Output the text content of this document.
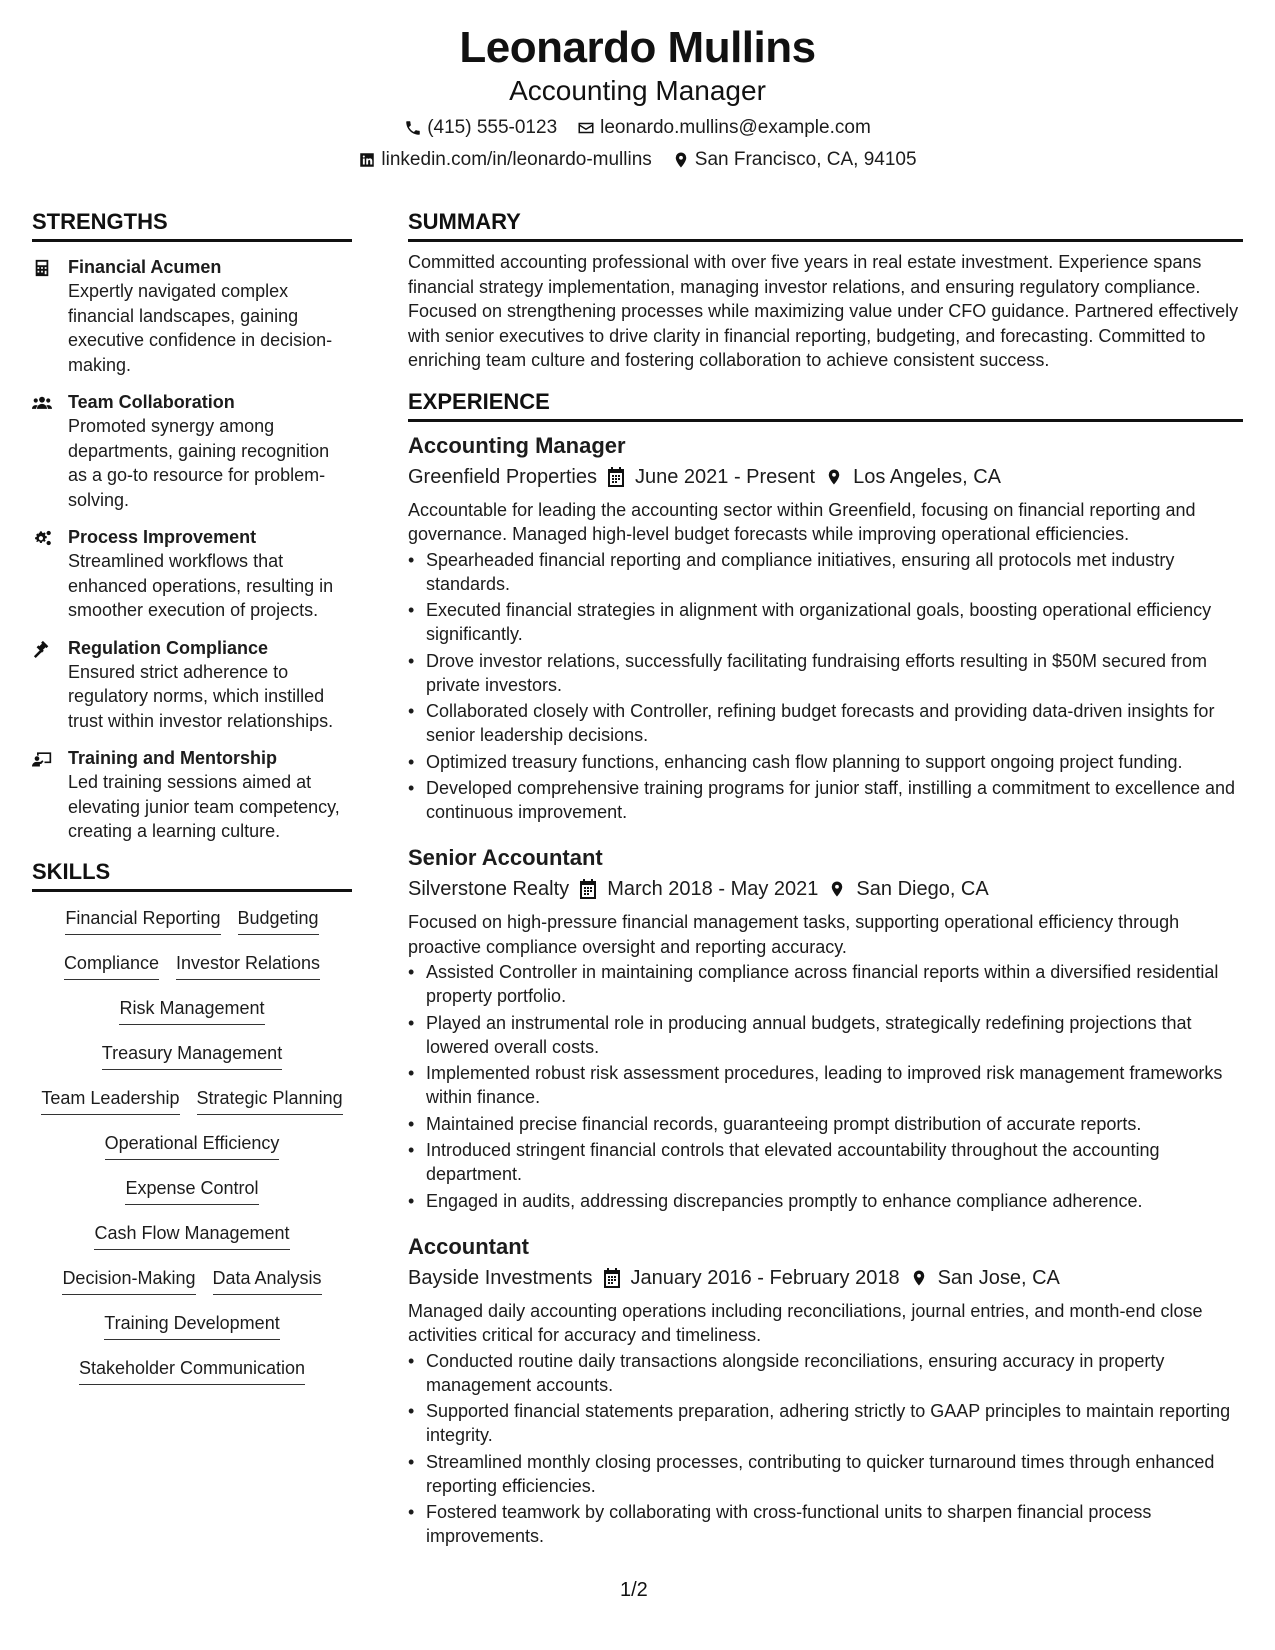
Leonardo Mullins
Accounting Manager
(415) 555-0123 leonardo.mullins@example.com
linkedin.com/in/leonardo-mullins San Francisco, CA, 94105
STRENGTHS
Financial Acumen
Expertly navigated complex financial landscapes, gaining executive confidence in decision-making.
Team Collaboration
Promoted synergy among departments, gaining recognition as a go-to resource for problem-solving.
Process Improvement
Streamlined workflows that enhanced operations, resulting in smoother execution of projects.
Regulation Compliance
Ensured strict adherence to regulatory norms, which instilled trust within investor relationships.
Training and Mentorship
Led training sessions aimed at elevating junior team competency, creating a learning culture.
SKILLS
Financial Reporting Budgeting
Compliance Investor Relations
Risk Management
Treasury Management
Team Leadership Strategic Planning
Operational Efficiency
Expense Control
Cash Flow Management
Decision-Making Data Analysis
Training Development
Stakeholder Communication
SUMMARY
Committed accounting professional with over five years in real estate investment. Experience spans financial strategy implementation, managing investor relations, and ensuring regulatory compliance. Focused on strengthening processes while maximizing value under CFO guidance. Partnered effectively with senior executives to drive clarity in financial reporting, budgeting, and forecasting. Committed to enriching team culture and fostering collaboration to achieve consistent success.
EXPERIENCE
Accounting Manager
Greenfield Properties June 2021 - Present Los Angeles, CA
Accountable for leading the accounting sector within Greenfield, focusing on financial reporting and governance. Managed high-level budget forecasts while improving operational efficiencies.
• Spearheaded financial reporting and compliance initiatives, ensuring all protocols met industry standards.
• Executed financial strategies in alignment with organizational goals, boosting operational efficiency significantly.
• Drove investor relations, successfully facilitating fundraising efforts resulting in $50M secured from private investors.
• Collaborated closely with Controller, refining budget forecasts and providing data-driven insights for senior leadership decisions.
• Optimized treasury functions, enhancing cash flow planning to support ongoing project funding.
• Developed comprehensive training programs for junior staff, instilling a commitment to excellence and continuous improvement.
Senior Accountant
Silverstone Realty March 2018 - May 2021 San Diego, CA
Focused on high-pressure financial management tasks, supporting operational efficiency through proactive compliance oversight and reporting accuracy.
• Assisted Controller in maintaining compliance across financial reports within a diversified residential property portfolio.
• Played an instrumental role in producing annual budgets, strategically redefining projections that lowered overall costs.
• Implemented robust risk assessment procedures, leading to improved risk management frameworks within finance.
• Maintained precise financial records, guaranteeing prompt distribution of accurate reports.
• Introduced stringent financial controls that elevated accountability throughout the accounting department.
• Engaged in audits, addressing discrepancies promptly to enhance compliance adherence.
Accountant
Bayside Investments January 2016 - February 2018 San Jose, CA
Managed daily accounting operations including reconciliations, journal entries, and month-end close activities critical for accuracy and timeliness.
• Conducted routine daily transactions alongside reconciliations, ensuring accuracy in property management accounts.
• Supported financial statements preparation, adhering strictly to GAAP principles to maintain reporting integrity.
• Streamlined monthly closing processes, contributing to quicker turnaround times through enhanced reporting efficiencies.
• Fostered teamwork by collaborating with cross-functional units to sharpen financial process improvements.
1/2
